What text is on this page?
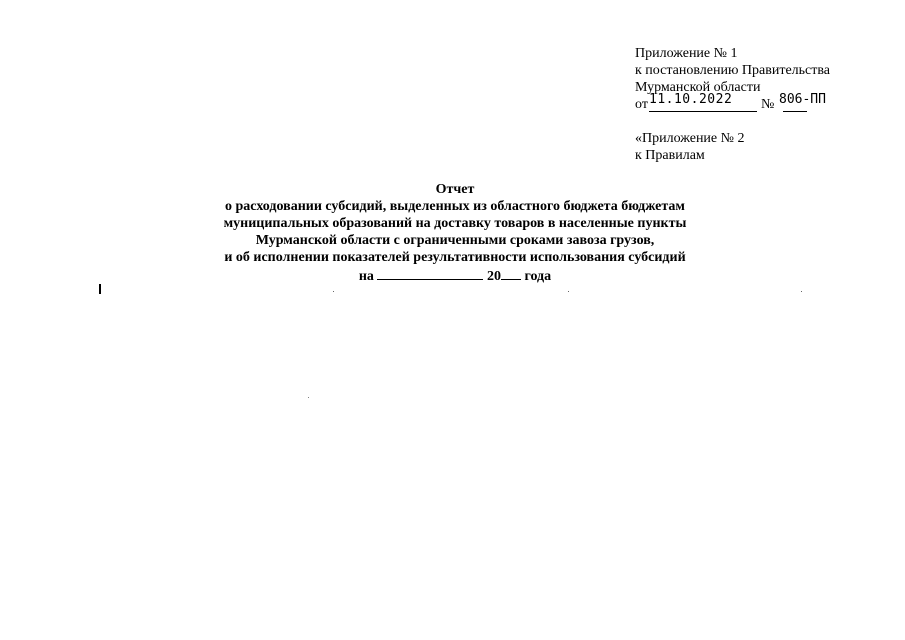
Приложение № 1
к постановлению Правительства
Мурманской области
от 11.10.2022 № 806-ПП
«Приложение № 2
к Правилам
Отчет
о расходовании субсидий, выделенных из областного бюджета бюджетам
муниципальных образований на доставку товаров в населенные пункты
Мурманской области с ограниченными сроками завоза грузов,
и об исполнении показателей результативности использования субсидий
на	20 года
